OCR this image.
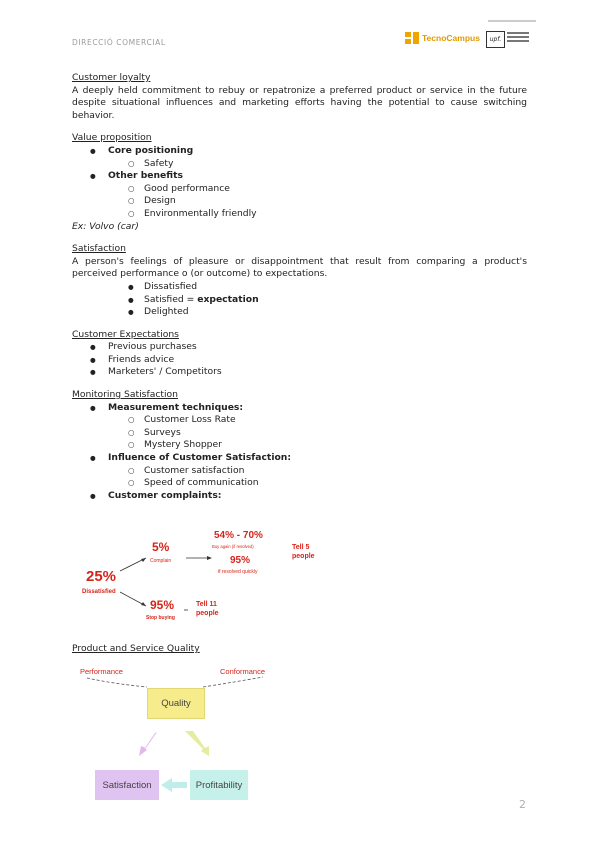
DIRECCIÓ COMERCIAL	TecnoCampus	upf.

Customer loyalty

A deeply held commitment to rebuy or repatronize a preferred product or service in the future despite situational influences and marketing efforts having the potential to cause switching behavior.

Value proposition

● Core positioning

○ Safety

● Other benefits

○ Good performance

○ Design

○ Environmentally friendly

Ex: Volvo (car)

Satisfaction

A person's feelings of pleasure or disappointment that result from comparing a product's perceived performance o (or outcome) to expectations.

● Dissatisfied

● Satisfied = expectation

● Delighted

Customer Expectations

● Previous purchases

● Friends advice

● Marketers' / Competitors

Monitoring Satisfaction

● Measurement techniques:

○ Customer Loss Rate

○ Surveys

○ Mystery Shopper

● Influence of Customer Satisfaction:

○ Customer satisfaction

○ Speed of communication

● Customer complaints:

5%
Complain
54% - 70%
Buy again (if resolved)
95%
if resolved quickly
Tell 5 people
25%
Dissatisfied
95%
Stop buying
Tell 11 people

Product and Service Quality

Performance	Conformance
Quality
Satisfaction	Profitability
2
